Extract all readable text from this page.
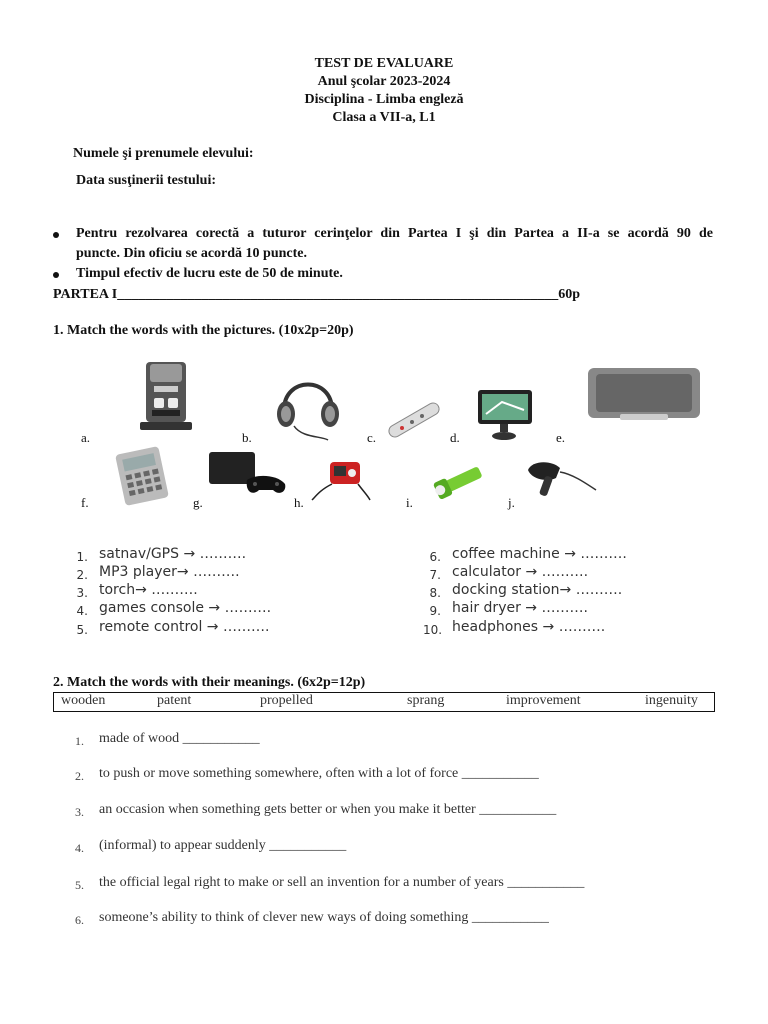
TEST DE EVALUARE
Anul şcolar 2023-2024
Disciplina - Limba engleză
Clasa a VII-a, L1
Numele şi prenumele elevului:
Data susţinerii testului:
Pentru rezolvarea corectă a tuturor cerinţelor din Partea I şi din Partea a II-a se acordă 90 de
puncte. Din oficiu se acordă 10 puncte.
Timpul efectiv de lucru este de 50 de minute.
PARTEA I_______________________________________________________________60p
1. Match the words with the pictures. (10x2p=20p)
a.	b.	c.	d.	e.
f.	g.	h.	i.	j.
1. satnav/GPS → ……….
2. MP3 player→ ……….
3. torch→ ……….
4. games console → ……….
5. remote control → ……….
6. coffee machine → ……….
7. calculator → ……….
8. docking station→ ……….
9. hair dryer → ……….
10. headphones → ……….
2. Match the words with their meanings. (6x2p=12p)
wooden	patent	propelled	sprang	improvement	ingenuity
1. made of wood ___________
2. to push or move something somewhere, often with a lot of force ___________
3. an occasion when something gets better or when you make it better ___________
4. (informal) to appear suddenly ___________
5. the official legal right to make or sell an invention for a number of years ___________
6. someone’s ability to think of clever new ways of doing something ___________
